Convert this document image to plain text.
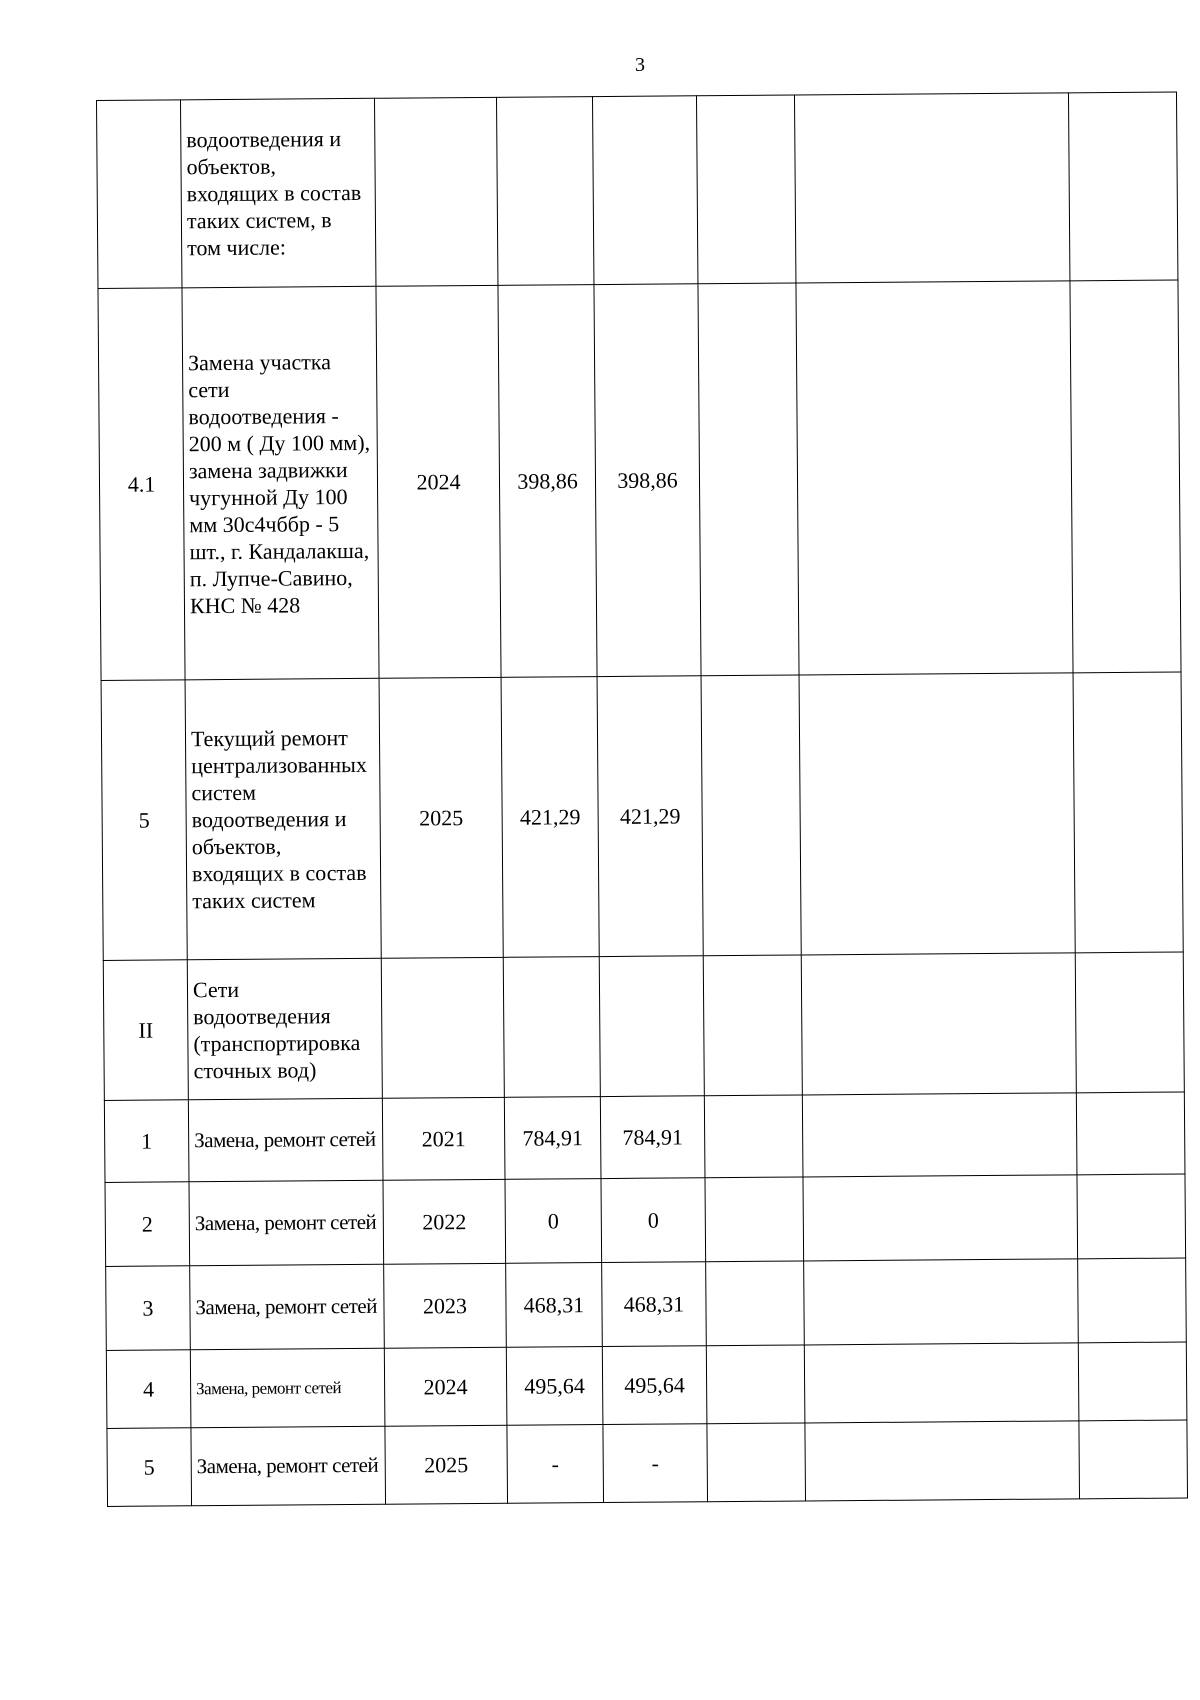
3
	водоотведения и объектов, входящих в состав таких систем, в том числе:						
4.1	Замена участка сети водоотведения - 200 м ( Ду 100 мм), замена задвижки чугунной Ду 100 мм 30с4чббр - 5 шт., г. Кандалакша, п. Лупче-Савино, КНС № 428	2024	398,86	398,86			
5	Текущий ремонт централизованных систем водоотведения и объектов, входящих в состав таких систем	2025	421,29	421,29			
II	Сети водоотведения (транспортировка сточных вод)						
1	Замена, ремонт сетей	2021	784,91	784,91			
2	Замена, ремонт сетей	2022	0	0			
3	Замена, ремонт сетей	2023	468,31	468,31			
4	Замена, ремонт сетей	2024	495,64	495,64			
5	Замена, ремонт сетей	2025	-	-			
